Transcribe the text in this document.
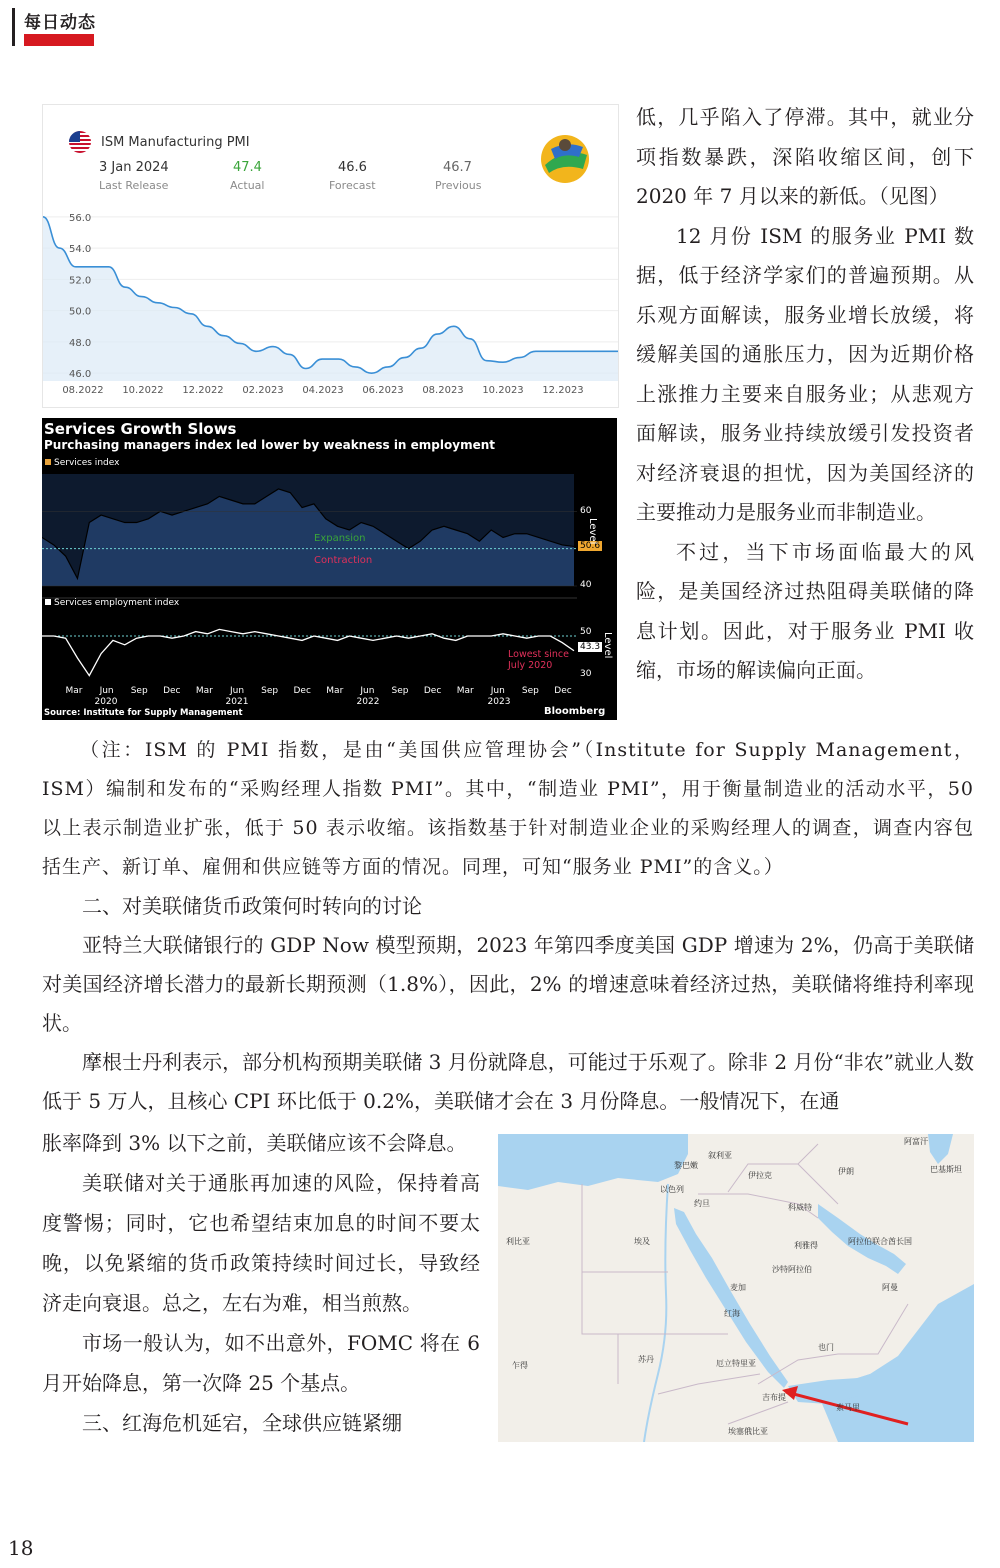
每日动态
56.0
54.0
52.0
50.0
48.0
46.0
08.2022 10.2022 12.2022 02.2023 04.2023 06.2023 08.2023 10.2023 12.2023
ISM Manufacturing PMI
3 Jan 2024
Last Release
47.4
Actual
46.6
Forecast
46.7
Previous
Mar Jun Sep Dec Mar Jun Sep Dec Mar Jun Sep Dec Mar Jun Sep Dec
2020	2021	2022	2023
Services Growth Slows
Purchasing managers index led lower by weakness in employment
Services index
Services employment index
Expansion
Contraction
Lowest since July 2020
50.6
43.3
60
40
50
30
Level
Level
Source: Institute for Supply Management	Bloomberg

低，几乎陷入了停滞。其中，就业分项指数暴跌，深陷收缩区间，创下 2020 年 7 月以来的新低。（见图）

12 月份 ISM 的服务业 PMI 数据，低于经济学家们的普遍预期。从乐观方面解读，服务业增长放缓，将缓解美国的通胀压力，因为近期价格上涨推力主要来自服务业；从悲观方面解读，服务业持续放缓引发投资者对经济衰退的担忧，因为美国经济的主要推动力是服务业而非制造业。

不过，当下市场面临最大的风险，是美国经济过热阻碍美联储的降息计划。因此，对于服务业 PMI 收缩，市场的解读偏向正面。

（注：ISM 的 PMI 指数，是由“美国供应管理协会”（Institute for Supply Management，ISM）编制和发布的“采购经理人指数 PMI”。其中，“制造业 PMI”，用于衡量制造业的活动水平，50 以上表示制造业扩张，低于 50 表示收缩。该指数基于针对制造业企业的采购经理人的调查，调查内容包括生产、新订单、雇佣和供应链等方面的情况。同理，可知“服务业 PMI”的含义。）

二、对美联储货币政策何时转向的讨论

亚特兰大联储银行的 GDP Now 模型预期，2023 年第四季度美国 GDP 增速为 2%，仍高于美联储对美国经济增长潜力的最新长期预测（1.8%），因此，2% 的增速意味着经济过热，美联储将维持利率现状。

摩根士丹利表示，部分机构预期美联储 3 月份就降息，可能过于乐观了。除非 2 月份“非农”就业人数低于 5 万人，且核心 CPI 环比低于 0.2%，美联储才会在 3 月份降息。一般情况下，在通

胀率降到 3% 以下之前，美联储应该不会降息。

美联储对关于通胀再加速的风险，保持着高度警惕；同时，它也希望结束加息的时间不要太晚，以免紧缩的货币政策持续时间过长，导致经济走向衰退。总之，左右为难，相当煎熬。

市场一般认为，如不出意外，FOMC 将在 6 月开始降息，第一次降 25 个基点。

三、红海危机延宕，全球供应链紧绷

叙利亚
黎巴嫩
伊拉克
以色列
约旦	科威特
伊朗
阿富汗
巴基斯坦
利比亚	埃及	利雅得	阿拉伯联合酋长国
沙特阿拉伯
阿曼
麦加
红海
苏丹
乍得	厄立特里亚
也门
吉布提
埃塞俄比亚
索马里
18
